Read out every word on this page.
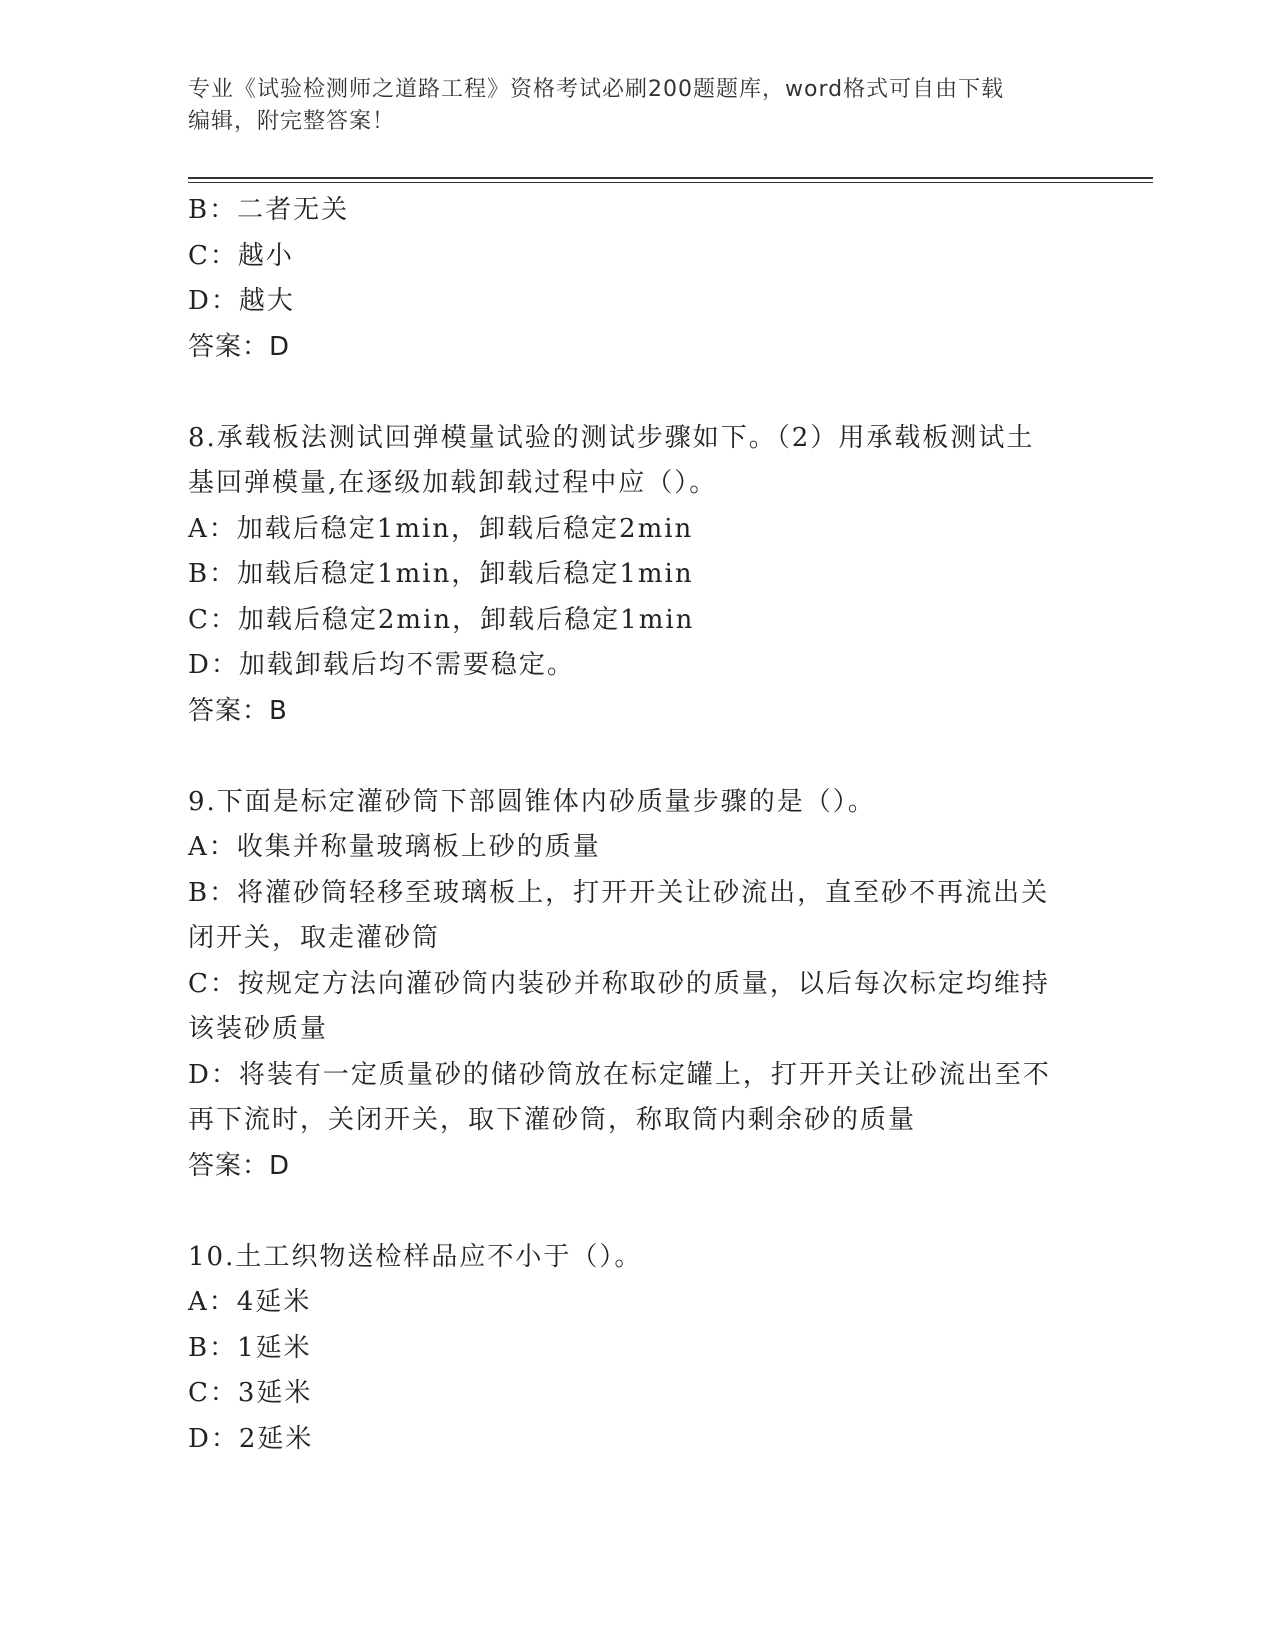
专业《试验检测师之道路工程》资格考试必刷200题题库，word格式可自由下载
编辑，附完整答案！
B：二者无关
C：越小
D：越大
答案：D
8.承载板法测试回弹模量试验的测试步骤如下。（2）用承载板测试土
基回弹模量,在逐级加载卸载过程中应（）。
A：加载后稳定1min，卸载后稳定2min
B：加载后稳定1min，卸载后稳定1min
C：加载后稳定2min，卸载后稳定1min
D：加载卸载后均不需要稳定。
答案：B
9.下面是标定灌砂筒下部圆锥体内砂质量步骤的是（）。
A：收集并称量玻璃板上砂的质量
B：将灌砂筒轻移至玻璃板上，打开开关让砂流出，直至砂不再流出关
闭开关，取走灌砂筒
C：按规定方法向灌砂筒内装砂并称取砂的质量，以后每次标定均维持
该装砂质量
D：将装有一定质量砂的储砂筒放在标定罐上，打开开关让砂流出至不
再下流时，关闭开关，取下灌砂筒，称取筒内剩余砂的质量
答案：D
10.土工织物送检样品应不小于（）。
A：4延米
B：1延米
C：3延米
D：2延米
